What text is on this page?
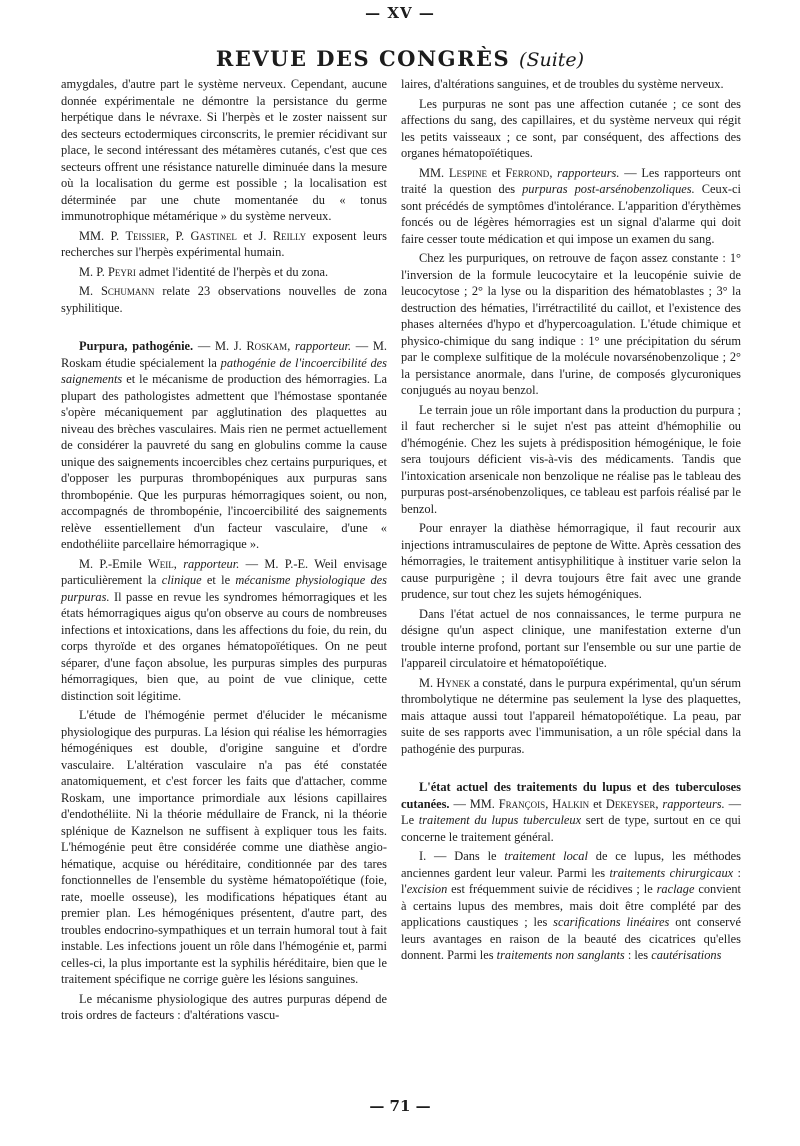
— XV —
REVUE DES CONGRÈS (Suite)

amygdales, d'autre part le système nerveux. Cependant, aucune donnée expérimentale ne démontre la persistance du germe herpétique dans le névraxe. Si l'herpès et le zoster naissent sur des secteurs ectodermiques circonscrits, le premier récidivant sur place, le second intéressant des métamères cutanés, c'est que ces secteurs offrent une résistance naturelle diminuée dans la mesure où la localisation du germe est possible ; la localisation est déterminée par une chute momentanée du « tonus immunotrophique métamérique » du système nerveux.

MM. P. Teissier, P. Gastinel et J. Reilly exposent leurs recherches sur l'herpès expérimental humain.

M. P. Peyri admet l'identité de l'herpès et du zona.

M. Schumann relate 23 observations nouvelles de zona syphilitique.

Purpura, pathogénie. — M. J. Roskam, rapporteur. — M. Roskam étudie spécialement la pathogénie de l'incoercibilité des saignements et le mécanisme de production des hémorragies. La plupart des pathologistes admettent que l'hémostase spontanée s'opère mécaniquement par agglutination des plaquettes au niveau des brèches vasculaires. Mais rien ne permet actuellement de considérer la pauvreté du sang en globulins comme la cause unique des saignements incoercibles chez certains purpuriques, et d'opposer les purpuras thrombopéniques aux purpuras sans thrombopénie. Que les purpuras hémorragiques soient, ou non, accompagnés de thrombopénie, l'incoercibilité des saignements relève essentiellement d'un facteur vasculaire, d'une « endothéliite parcellaire hémorragique ».

M. P.-Emile Weil, rapporteur. — M. P.-E. Weil envisage particulièrement la clinique et le mécanisme physiologique des purpuras. Il passe en revue les syndromes hémorragiques et les états hémorragiques aigus qu'on observe au cours de nombreuses infections et intoxications, dans les affections du foie, du rein, du corps thyroïde et des organes hématopoïétiques. On ne peut séparer, d'une façon absolue, les purpuras simples des purpuras hémorragiques, bien que, au point de vue clinique, cette distinction soit légitime.

L'étude de l'hémogénie permet d'élucider le mécanisme physiologique des purpuras. La lésion qui réalise les hémorragies hémogéniques est double, d'origine sanguine et d'ordre vasculaire. L'altération vasculaire n'a pas été constatée anatomiquement, et c'est forcer les faits que d'attacher, comme Roskam, une importance primordiale aux lésions capillaires d'endothéliite. Ni la théorie médullaire de Franck, ni la théorie splénique de Kaznelson ne suffisent à expliquer tous les faits. L'hémogénie peut être considérée comme une diathèse angio-hématique, acquise ou héréditaire, conditionnée par des tares fonctionnelles de l'ensemble du système hématopoïétique (foie, rate, moelle osseuse), les modifications hépatiques étant au premier plan. Les hémogéniques présentent, d'autre part, des troubles endocrino-sympathiques et un terrain humoral tout à fait instable. Les infections jouent un rôle dans l'hémogénie et, parmi celles-ci, la plus importante est la syphilis héréditaire, bien que le traitement spécifique ne corrige guère les lésions sanguines.

Le mécanisme physiologique des autres purpuras dépend de trois ordres de facteurs : d'altérations vascu-

laires, d'altérations sanguines, et de troubles du système nerveux.

Les purpuras ne sont pas une affection cutanée ; ce sont des affections du sang, des capillaires, et du système nerveux qui régit les petits vaisseaux ; ce sont, par conséquent, des affections des organes hématopoïétiques.

MM. Lespine et Ferrond, rapporteurs. — Les rapporteurs ont traité la question des purpuras post-arsénobenzoliques. Ceux-ci sont précédés de symptômes d'intolérance. L'apparition d'érythèmes foncés ou de légères hémorragies est un signal d'alarme qui doit faire cesser toute médication et qui impose un examen du sang.

Chez les purpuriques, on retrouve de façon assez constante : 1° l'inversion de la formule leucocytaire et la leucopénie suivie de leucocytose ; 2° la lyse ou la disparition des hématoblastes ; 3° la destruction des hématies, l'irrétractilité du caillot, et l'existence des phases alternées d'hypo et d'hypercoagulation. L'étude chimique et physico-chimique du sang indique : 1° une précipitation du sérum par le complexe sulfitique de la molécule novarsénobenzolique ; 2° la persistance anormale, dans l'urine, de composés glycuroniques conjugués au noyau benzol.

Le terrain joue un rôle important dans la production du purpura ; il faut rechercher si le sujet n'est pas atteint d'hémophilie ou d'hémogénie. Chez les sujets à prédisposition hémogénique, le foie sera toujours déficient vis-à-vis des médicaments. Tandis que l'intoxication arsenicale non benzolique ne réalise pas le tableau des purpuras post-arsénobenzoliques, ce tableau est parfois réalisé par le benzol.

Pour enrayer la diathèse hémorragique, il faut recourir aux injections intramusculaires de peptone de Witte. Après cessation des hémorragies, le traitement antisyphilitique à instituer varie selon la cause purpurigène ; il devra toujours être fait avec une grande prudence, sur tout chez les sujets hémogéniques.

Dans l'état actuel de nos connaissances, le terme purpura ne désigne qu'un aspect clinique, une manifestation externe d'un trouble interne profond, portant sur l'ensemble ou sur une partie de l'appareil circulatoire et hématopoïétique.

M. Hynek a constaté, dans le purpura expérimental, qu'un sérum thrombolytique ne détermine pas seulement la lyse des plaquettes, mais attaque aussi tout l'appareil hématopoïétique. La peau, par suite de ses rapports avec l'immunisation, a un rôle spécial dans la pathogénie des purpuras.

L'état actuel des traitements du lupus et des tuberculoses cutanées. — MM. François, Halkin et Dekeyser, rapporteurs. — Le traitement du lupus tuberculeux sert de type, surtout en ce qui concerne le traitement général.

I. — Dans le traitement local de ce lupus, les méthodes anciennes gardent leur valeur. Parmi les traitements chirurgicaux : l'excision est fréquemment suivie de récidives ; le raclage convient à certains lupus des membres, mais doit être complété par des applications caustiques ; les scarifications linéaires ont conservé leurs avantages en raison de la beauté des cicatrices qu'elles donnent. Parmi les traitements non sanglants : les cautérisations

— 71 —
